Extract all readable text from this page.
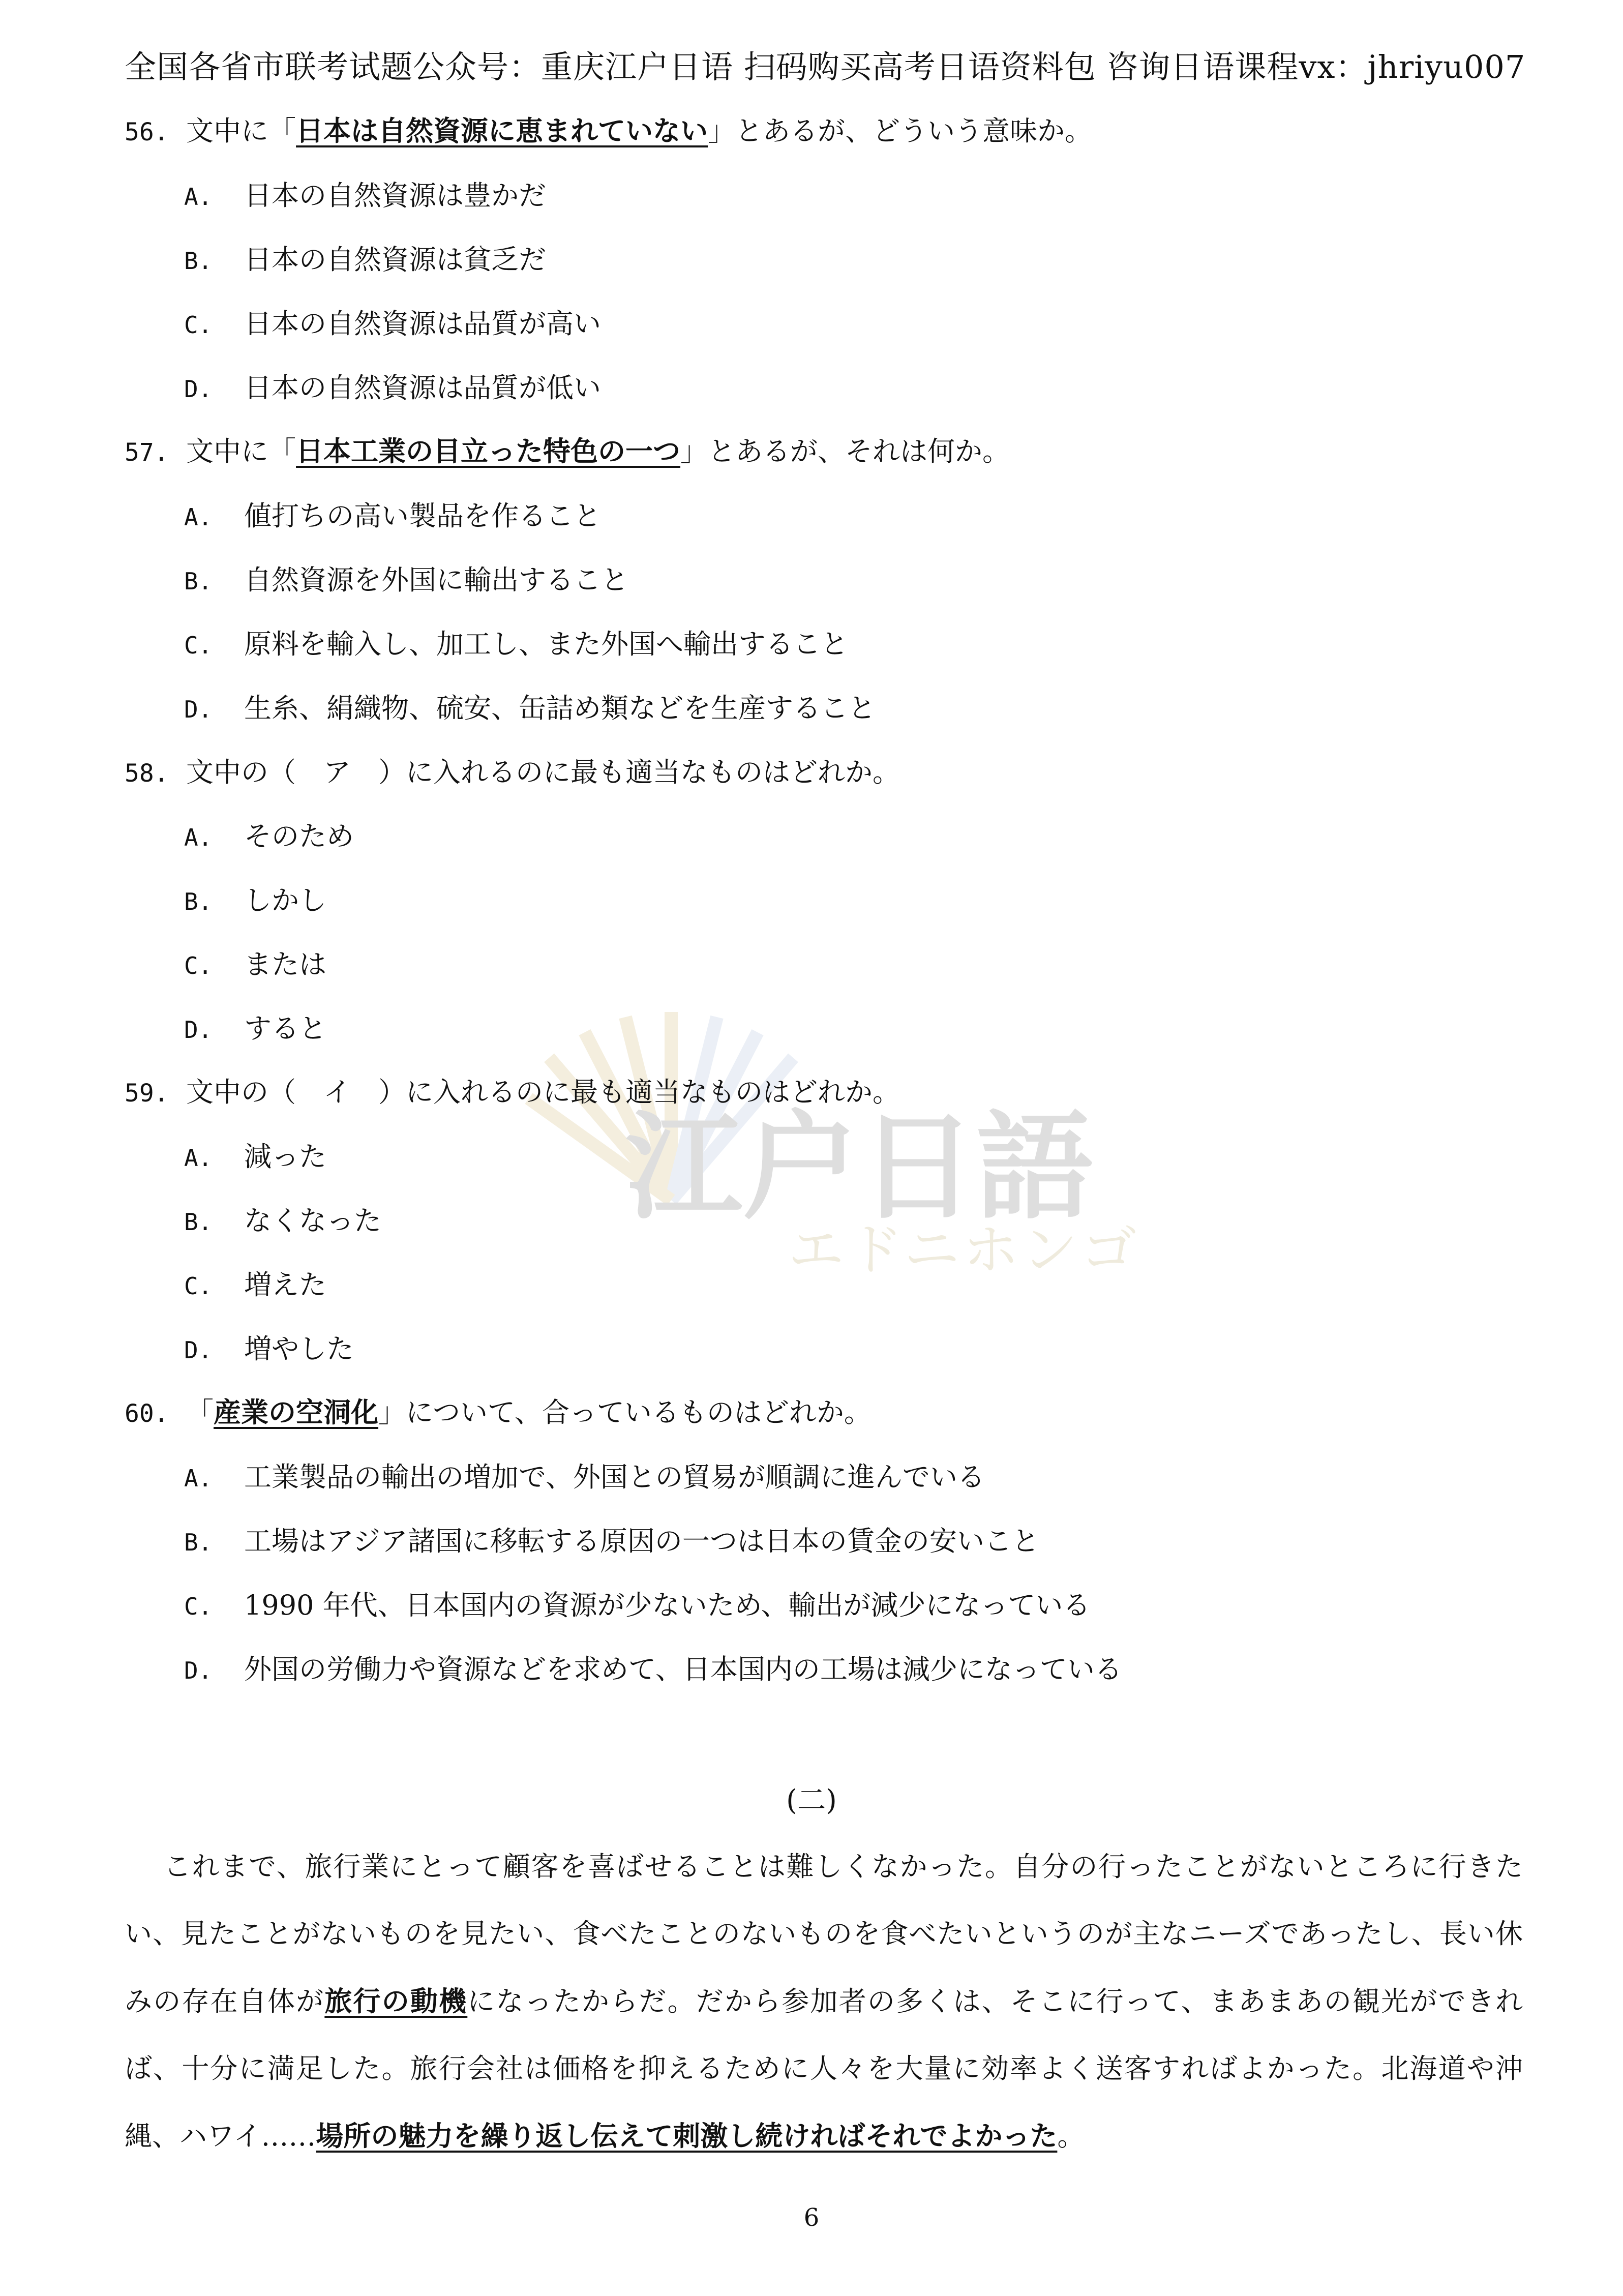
全国各省市联考试题公众号：重庆江户日语 扫码购买高考日语资料包 咨询日语课程vx：jhriyu007
江户日語
エドニホンゴ
56. 文中に「日本は自然資源に恵まれていない」とあるが、どういう意味か。
A. 日本の自然資源は豊かだ
B. 日本の自然資源は貧乏だ
C. 日本の自然資源は品質が高い
D. 日本の自然資源は品質が低い
57. 文中に「日本工業の目立った特色の一つ」とあるが、それは何か。
A. 値打ちの高い製品を作ること
B. 自然資源を外国に輸出すること
C. 原料を輸入し、加工し、また外国へ輸出すること
D. 生糸、絹織物、硫安、缶詰め類などを生産すること
58. 文中の（　ア　）に入れるのに最も適当なものはどれか。
A. そのため
B. しかし
C. または
D. すると
59. 文中の（　イ　）に入れるのに最も適当なものはどれか。
A. 減った
B. なくなった
C. 増えた
D. 増やした
60. 「産業の空洞化」について、合っているものはどれか。
A. 工業製品の輸出の増加で、外国との貿易が順調に進んでいる
B. 工場はアジア諸国に移転する原因の一つは日本の賃金の安いこと
C. 1990 年代、日本国内の資源が少ないため、輸出が減少になっている
D. 外国の労働力や資源などを求めて、日本国内の工場は減少になっている
(二)
これまで、旅行業にとって顧客を喜ばせることは難しくなかった。自分の行ったことがないところに行きたい、見たことがないものを見たい、食べたことのないものを食べたいというのが主なニーズであったし、長い休みの存在自体が旅行の動機になったからだ。だから参加者の多くは、そこに行って、まあまあの観光ができれば、十分に満足した。旅行会社は価格を抑えるために人々を大量に効率よく送客すればよかった。北海道や沖縄、ハワイ……場所の魅力を繰り返し伝えて刺激し続ければそれでよかった。
6
